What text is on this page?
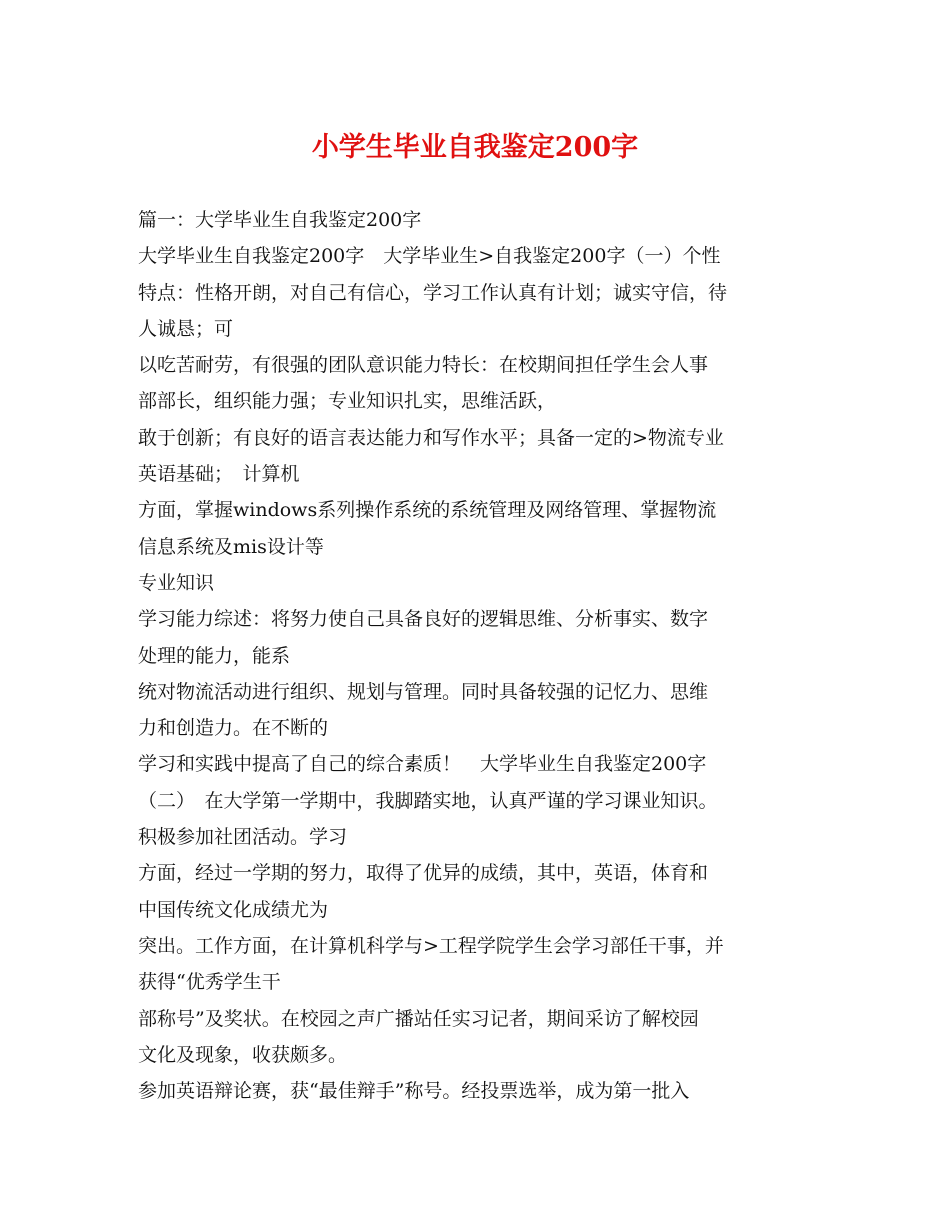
小学生毕业自我鉴定200字
篇一：大学毕业生自我鉴定200字
大学毕业生自我鉴定200字　大学毕业生>自我鉴定200字（一）个性
特点：性格开朗，对自己有信心，学习工作认真有计划；诚实守信，待
人诚恳；可
以吃苦耐劳，有很强的团队意识能力特长：在校期间担任学生会人事
部部长，组织能力强；专业知识扎实，思维活跃，
敢于创新；有良好的语言表达能力和写作水平；具备一定的>物流专业
英语基础；　计算机
方面，掌握windows系列操作系统的系统管理及网络管理、掌握物流
信息系统及mis设计等
专业知识
学习能力综述：将努力使自己具备良好的逻辑思维、分析事实、数字
处理的能力，能系
统对物流活动进行组织、规划与管理。同时具备较强的记忆力、思维
力和创造力。在不断的
学习和实践中提高了自己的综合素质！　大学毕业生自我鉴定200字
（二）　在大学第一学期中，我脚踏实地，认真严谨的学习课业知识。
积极参加社团活动。学习
方面，经过一学期的努力，取得了优异的成绩，其中，英语，体育和
中国传统文化成绩尤为
突出。工作方面，在计算机科学与>工程学院学生会学习部任干事，并
获得“优秀学生干
部称号”及奖状。在校园之声广播站任实习记者，期间采访了解校园
文化及现象，收获颇多。
参加英语辩论赛，获“最佳辩手”称号。经投票选举，成为第一批入
